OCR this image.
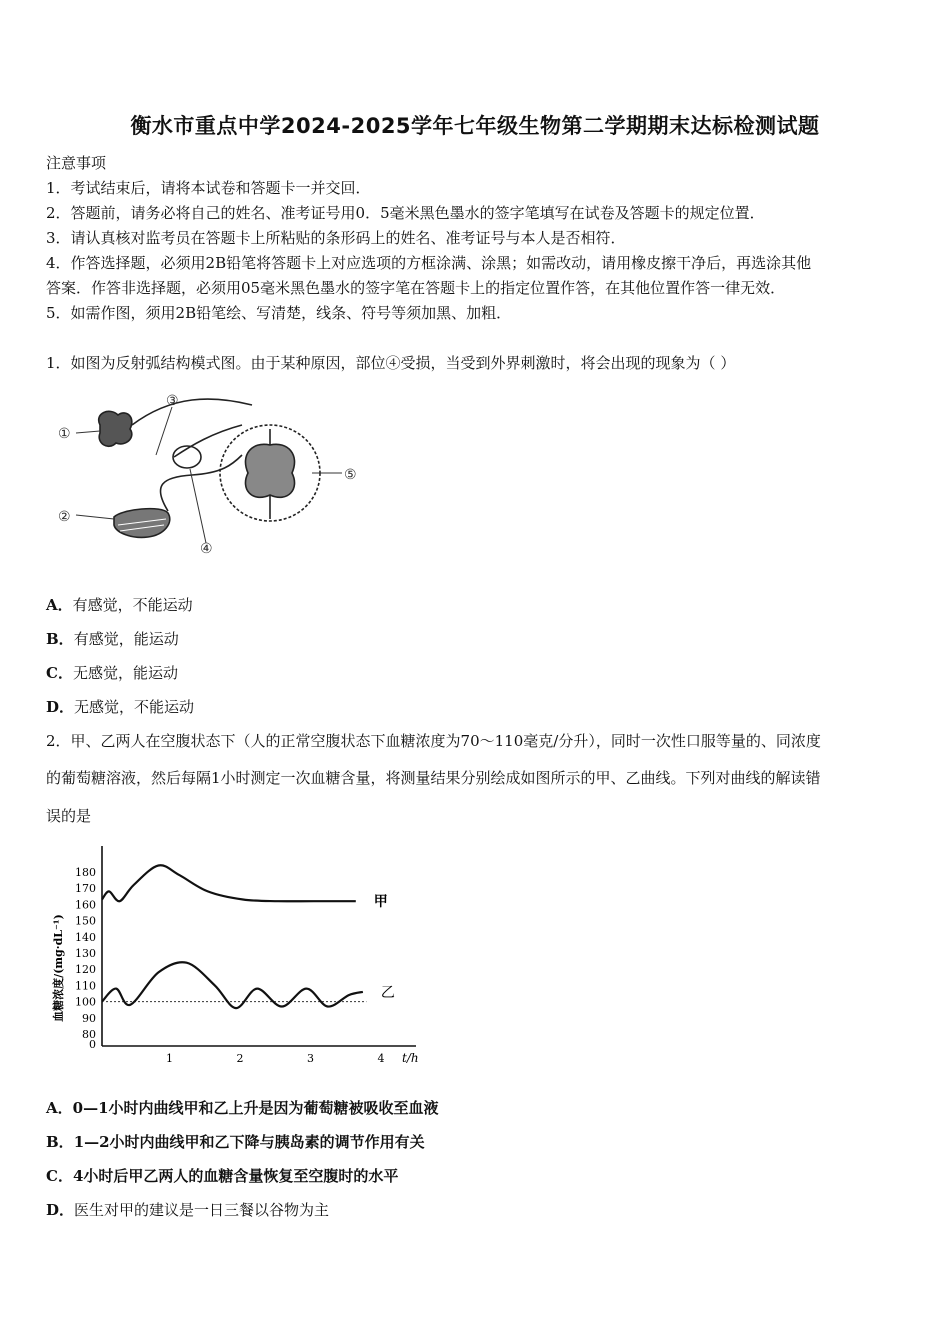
衡水市重点中学2024-2025学年七年级生物第二学期期末达标检测试题
注意事项
1．考试结束后，请将本试卷和答题卡一并交回．
2．答题前，请务必将自己的姓名、准考证号用0．5毫米黑色墨水的签字笔填写在试卷及答题卡的规定位置．
3．请认真核对监考员在答题卡上所粘贴的条形码上的姓名、准考证号与本人是否相符．
4．作答选择题，必须用2B铅笔将答题卡上对应选项的方框涂满、涂黑；如需改动，请用橡皮擦干净后，再选涂其他
答案．作答非选择题，必须用05毫米黑色墨水的签字笔在答题卡上的指定位置作答，在其他位置作答一律无效．
5．如需作图，须用2B铅笔绘、写清楚，线条、符号等须加黑、加粗．
1．如图为反射弧结构模式图。由于某种原因，部位④受损，当受到外界刺激时，将会出现的现象为（ ）
①
②
③
④
⑤
A．有感觉，不能运动
B．有感觉，能运动
C．无感觉，能运动
D．无感觉，不能运动
2．甲、乙两人在空腹状态下（人的正常空腹状态下血糖浓度为70～110毫克/分升），同时一次性口服等量的、同浓度
的葡萄糖溶液，然后每隔1小时测定一次血糖含量，将测量结果分别绘成如图所示的甲、乙曲线。下列对曲线的解读错
误的是
血糖浓度/(mg·dL⁻¹)
0
80
90
100
110
120
130
140
150
160
170
180
1	2	3	4
甲
乙
t/h
A．0—1小时内曲线甲和乙上升是因为葡萄糖被吸收至血液
B．1—2小时内曲线甲和乙下降与胰岛素的调节作用有关
C．4小时后甲乙两人的血糖含量恢复至空腹时的水平
D．医生对甲的建议是一日三餐以谷物为主
